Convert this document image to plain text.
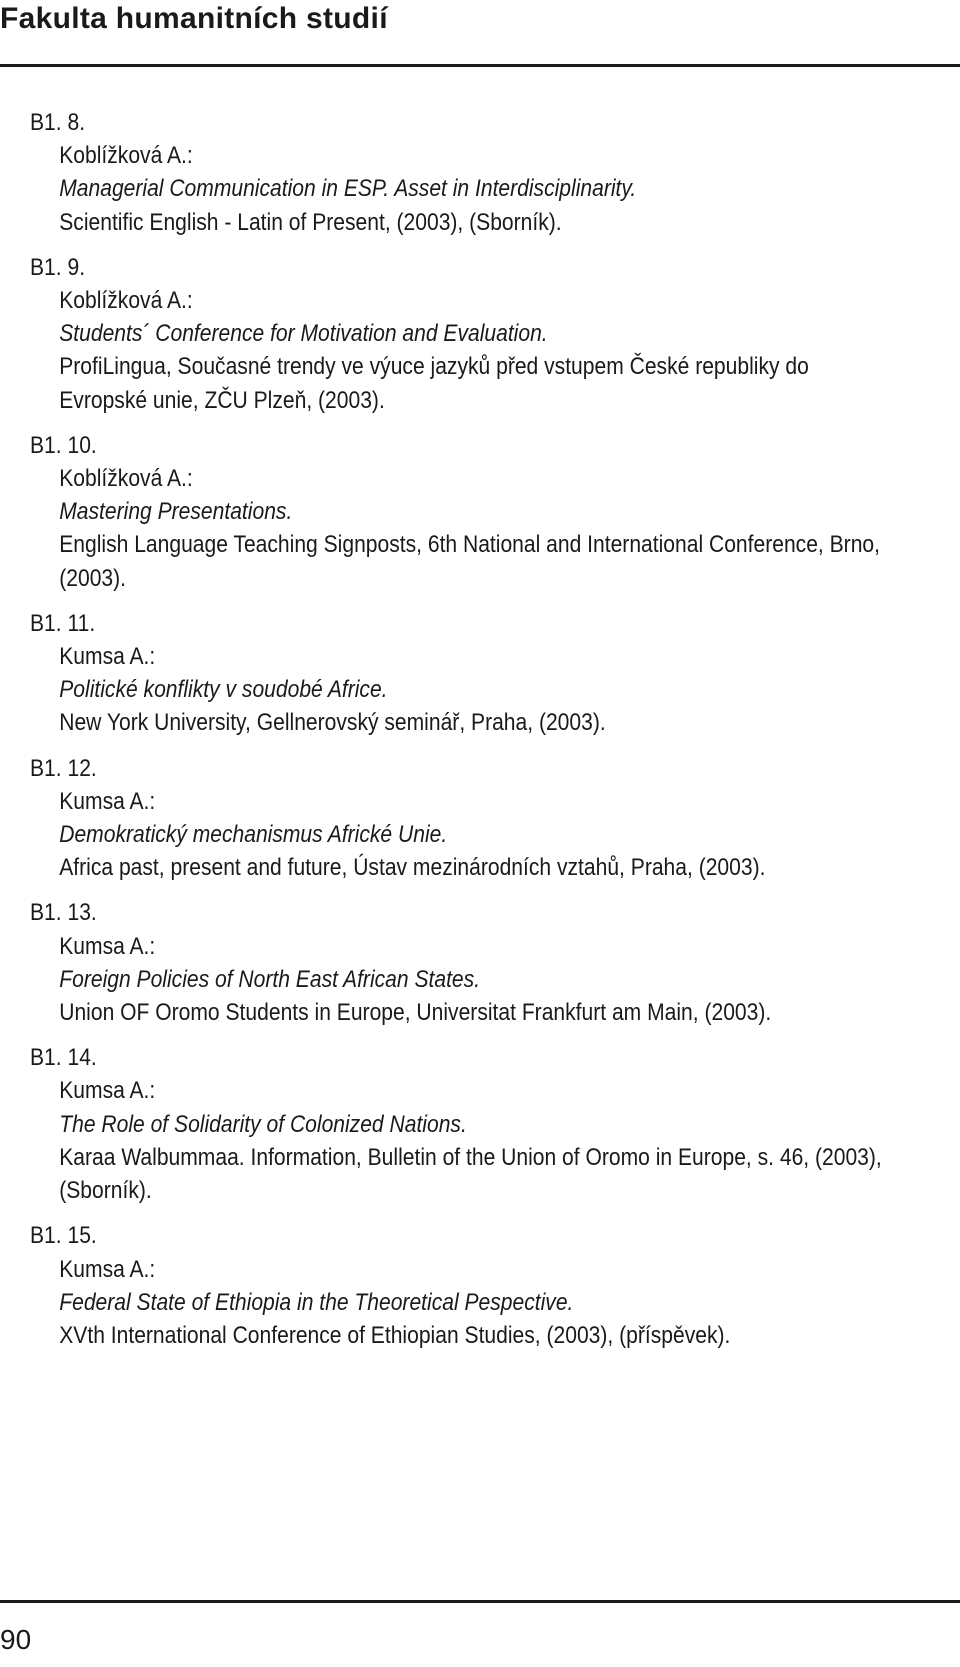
Fakulta humanitních studií
B1. 8.
Koblížková A.:
Managerial Communication in ESP. Asset in Interdisciplinarity.
Scientific English - Latin of Present, (2003), (Sborník).
B1. 9.
Koblížková A.:
Students´ Conference for Motivation and Evaluation.
ProfiLingua, Současné trendy ve výuce jazyků před vstupem České republiky do Evropské unie, ZČU Plzeň, (2003).
B1. 10.
Koblížková A.:
Mastering Presentations.
English Language Teaching Signposts, 6th National and International Conference, Brno, (2003).
B1. 11.
Kumsa A.:
Politické konflikty v soudobé Africe.
New York University, Gellnerovský seminář, Praha, (2003).
B1. 12.
Kumsa A.:
Demokratický mechanismus Africké Unie.
Africa past, present and future, Ústav mezinárodních vztahů, Praha, (2003).
B1. 13.
Kumsa A.:
Foreign Policies of North East African States.
Union OF Oromo Students in Europe, Universitat Frankfurt am Main, (2003).
B1. 14.
Kumsa A.:
The Role of Solidarity of Colonized Nations.
Karaa Walbummaa. Information, Bulletin of the Union of Oromo in Europe, s. 46, (2003), (Sborník).
B1. 15.
Kumsa A.:
Federal State of Ethiopia in the Theoretical Pespective.
XVth International Conference of Ethiopian Studies, (2003), (příspěvek).
90
